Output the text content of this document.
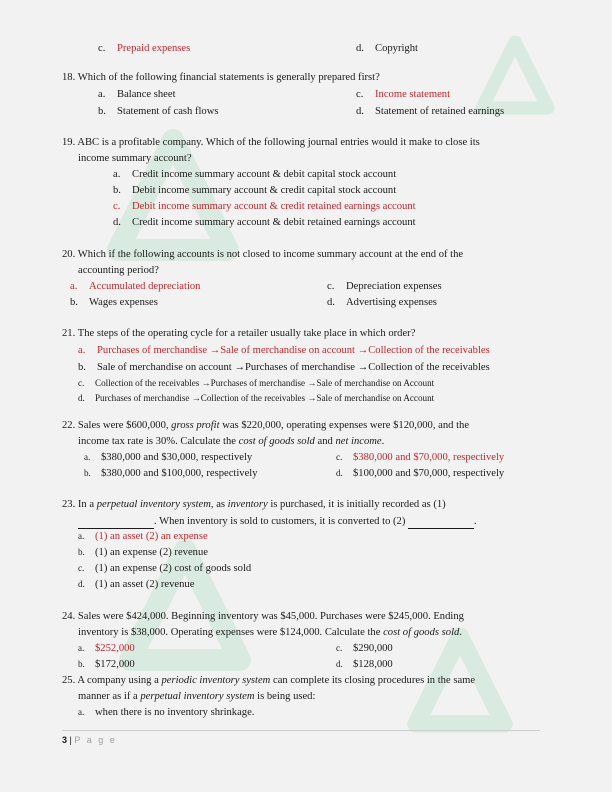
c. Prepaid expenses	d. Copyright
18. Which of the following financial statements is generally prepared first?
a. Balance sheet	c. Income statement
b. Statement of cash flows	d. Statement of retained earnings
19. ABC is a profitable company. Which of the following journal entries would it make to close its
income summary account?
a. Credit income summary account & debit capital stock account
b. Debit income summary account & credit capital stock account
c. Debit income summary account & credit retained earnings account
d. Credit income summary account & debit retained earnings account
20. Which if the following accounts is not closed to income summary account at the end of the
accounting period?
a. Accumulated depreciation	c. Depreciation expenses
b. Wages expenses	d. Advertising expenses
21. The steps of the operating cycle for a retailer usually take place in which order?
a. Purchases of merchandise →Sale of merchandise on account →Collection of the receivables
b. Sale of merchandise on account →Purchases of merchandise →Collection of the receivables
c. Collection of the receivables →Purchases of merchandise →Sale of merchandise on Account
d. Purchases of merchandise →Collection of the receivables →Sale of merchandise on Account
22. Sales were $600,000, gross profit was $220,000, operating expenses were $120,000, and the
income tax rate is 30%. Calculate the cost of goods sold and net income.
a. $380,000 and $30,000, respectively	c. $380,000 and $70,000, respectively
b. $380,000 and $100,000, respectively	d. $100,000 and $70,000, respectively
23. In a perpetual inventory system, as inventory is purchased, it is initially recorded as (1)
. When inventory is sold to customers, it is converted to (2)	.
a. (1) an asset (2) an expense
b. (1) an expense (2) revenue
c. (1) an expense (2) cost of goods sold
d. (1) an asset (2) revenue
24. Sales were $424,000. Beginning inventory was $45,000. Purchases were $245,000. Ending
inventory is $38,000. Operating expenses were $124,000. Calculate the cost of goods sold.
a. $252,000	c. $290,000
b. $172,000	d. $128,000
25. A company using a periodic inventory system can complete its closing procedures in the same
manner as if a perpetual inventory system is being used:
a. when there is no inventory shrinkage.
3 | P a g e
